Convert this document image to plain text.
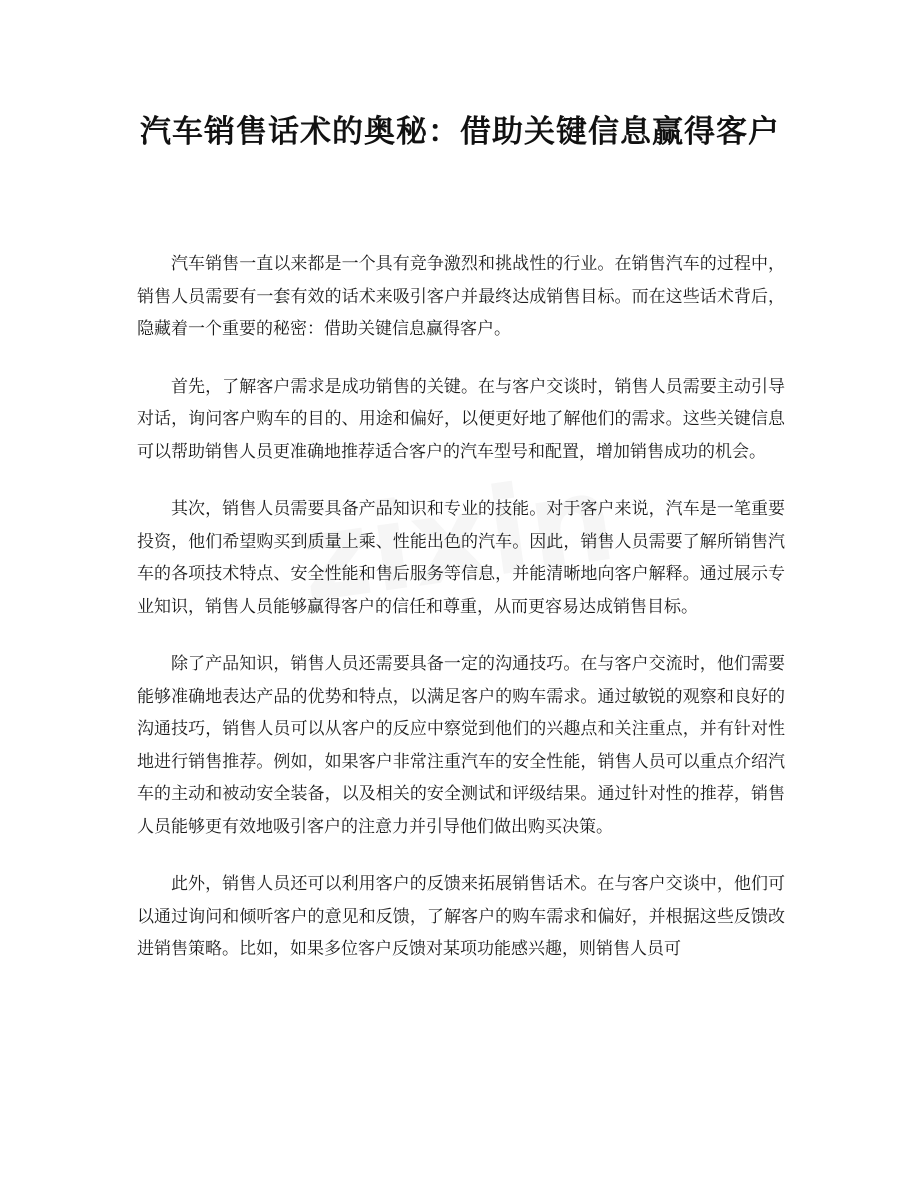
汽车销售话术的奥秘：借助关键信息赢得客户

汽车销售一直以来都是一个具有竞争激烈和挑战性的行业。在销售汽车的过程中，销售人员需要有一套有效的话术来吸引客户并最终达成销售目标。而在这些话术背后，隐藏着一个重要的秘密：借助关键信息赢得客户。

首先，了解客户需求是成功销售的关键。在与客户交谈时，销售人员需要主动引导对话，询问客户购车的目的、用途和偏好，以便更好地了解他们的需求。这些关键信息可以帮助销售人员更准确地推荐适合客户的汽车型号和配置，增加销售成功的机会。

其次，销售人员需要具备产品知识和专业的技能。对于客户来说，汽车是一笔重要投资，他们希望购买到质量上乘、性能出色的汽车。因此，销售人员需要了解所销售汽车的各项技术特点、安全性能和售后服务等信息，并能清晰地向客户解释。通过展示专业知识，销售人员能够赢得客户的信任和尊重，从而更容易达成销售目标。

除了产品知识，销售人员还需要具备一定的沟通技巧。在与客户交流时，他们需要能够准确地表达产品的优势和特点，以满足客户的购车需求。通过敏锐的观察和良好的沟通技巧，销售人员可以从客户的反应中察觉到他们的兴趣点和关注重点，并有针对性地进行销售推荐。例如，如果客户非常注重汽车的安全性能，销售人员可以重点介绍汽车的主动和被动安全装备，以及相关的安全测试和评级结果。通过针对性的推荐，销售人员能够更有效地吸引客户的注意力并引导他们做出购买决策。

此外，销售人员还可以利用客户的反馈来拓展销售话术。在与客户交谈中，他们可以通过询问和倾听客户的意见和反馈，了解客户的购车需求和偏好，并根据这些反馈改进销售策略。比如，如果多位客户反馈对某项功能感兴趣，则销售人员可
